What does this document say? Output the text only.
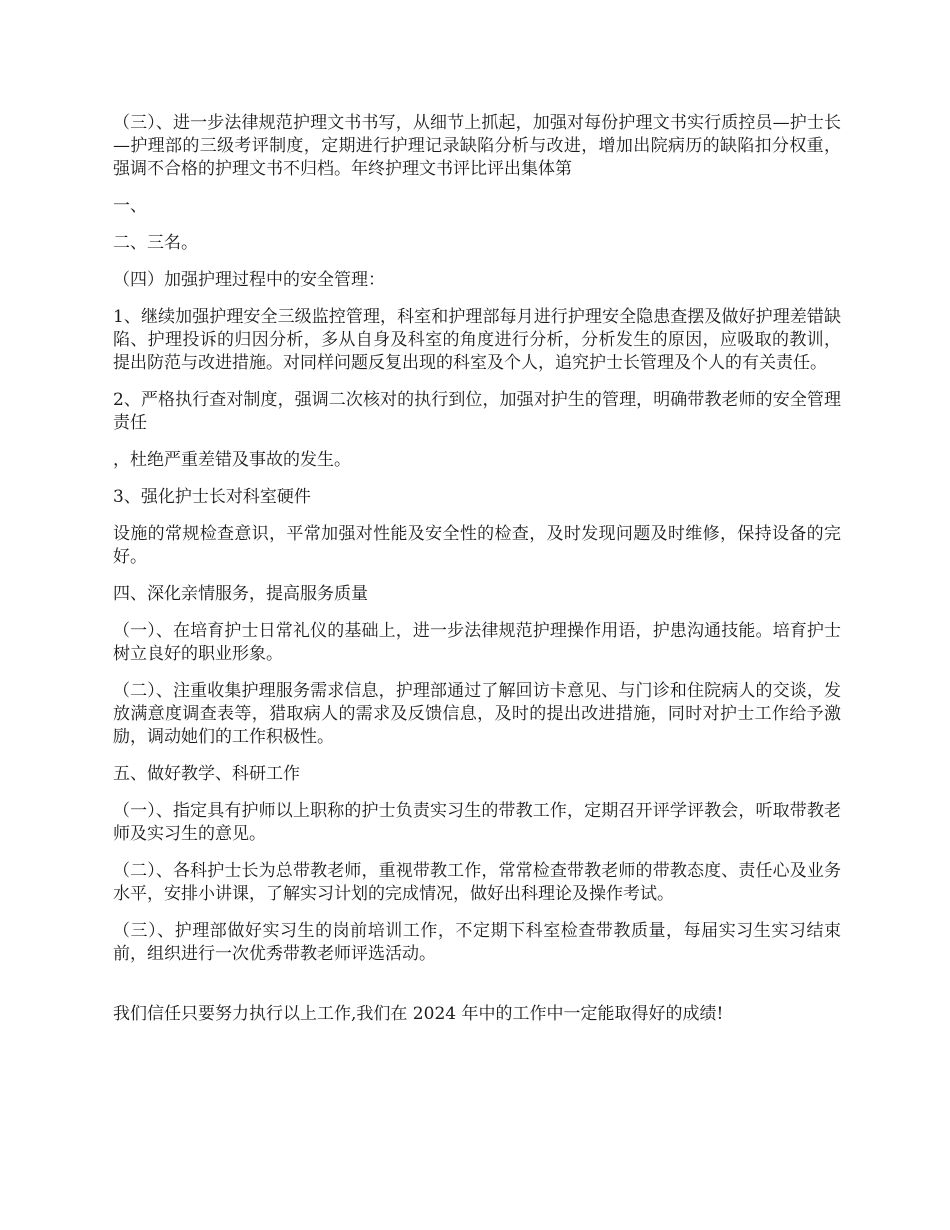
（三）、进一步法律规范护理文书书写，从细节上抓起，加强对每份护理文书实行质控员—护士长—护理部的三级考评制度，定期进行护理记录缺陷分析与改进，增加出院病历的缺陷扣分权重，强调不合格的护理文书不归档。年终护理文书评比评出集体第

一、

二、三名。

（四）加强护理过程中的安全管理：

1、继续加强护理安全三级监控管理，科室和护理部每月进行护理安全隐患查摆及做好护理差错缺陷、护理投诉的归因分析，多从自身及科室的角度进行分析，分析发生的原因，应吸取的教训，提出防范与改进措施。对同样问题反复出现的科室及个人，追究护士长管理及个人的有关责任。

2、严格执行查对制度，强调二次核对的执行到位，加强对护生的管理，明确带教老师的安全管理责任

，杜绝严重差错及事故的发生。

3、强化护士长对科室硬件

设施的常规检查意识，平常加强对性能及安全性的检查，及时发现问题及时维修，保持设备的完好。

四、深化亲情服务，提高服务质量

（一）、在培育护士日常礼仪的基础上，进一步法律规范护理操作用语，护患沟通技能。培育护士树立良好的职业形象。

（二）、注重收集护理服务需求信息，护理部通过了解回访卡意见、与门诊和住院病人的交谈，发放满意度调查表等，猎取病人的需求及反馈信息，及时的提出改进措施，同时对护士工作给予激励，调动她们的工作积极性。

五、做好教学、科研工作

（一）、指定具有护师以上职称的护士负责实习生的带教工作，定期召开评学评教会，听取带教老师及实习生的意见。

（二）、各科护士长为总带教老师，重视带教工作，常常检查带教老师的带教态度、责任心及业务水平，安排小讲课，了解实习计划的完成情况，做好出科理论及操作考试。

（三）、护理部做好实习生的岗前培训工作，不定期下科室检查带教质量，每届实习生实习结束前，组织进行一次优秀带教老师评选活动。

我们信任只要努力执行以上工作,我们在 2024 年中的工作中一定能取得好的成绩!
